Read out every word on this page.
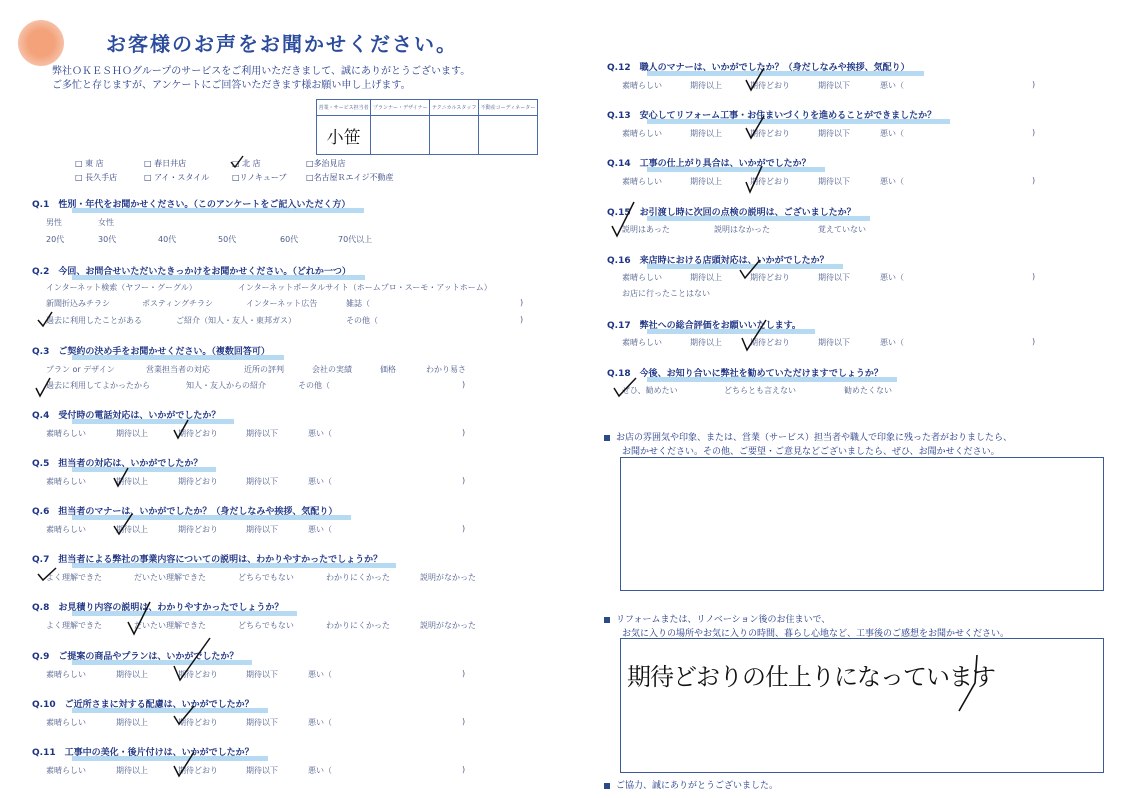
お客様のお声をお聞かせください。
弊社ＯＫＥＳＨＯグループのサービスをご利用いただきまして、誠にありがとうございます。
ご多忙と存じますが、アンケートにご回答いただきます様お願い申し上げます。
営業・サービス担当者	プランナー・デザイナー	テクニカルスタッフ	不動産コーディネーター
小笹			
□ 東 店	□ 春日井店	□ 北 店	□多治見店
□ 長久手店	□ アイ・スタイル	□リノキューブ □名古屋Ｒエイジ不動産
Q.1　 性別・年代をお聞かせください。（このアンケートをご記入いただく方）
男性	女性
20代	30代	40代	50代	60代	70代以上
Q.2　 今回、お問合せいただいたきっかけをお聞かせください。（どれか一つ）
インターネット検索（ヤフー・グーグル）	インターネットポータルサイト（ホームプロ・スーモ・アットホーム）
新聞折込みチラシ	ポスティングチラシ	インターネット広告	雑誌（	)
過去に利用したことがある	ご紹介（知人・友人・東邦ガス）	その他（	)
Q.3　 ご契約の決め手をお聞かせください。（複数回答可）
プラン or デザイン	営業担当者の対応	近所の評判	会社の実績	価格	わかり易さ
過去に利用してよかったから	知人・友人からの紹介	その他（	)
Q.4　 受付時の電話対応は、いかがでしたか？
素晴らしい	期待以上	期待どおり	期待以下	悪い（	)
Q.5　 担当者の対応は、いかがでしたか？
素晴らしい	期待以上	期待どおり	期待以下	悪い（	)
Q.6　 担当者のマナーは、いかがでしたか？（身だしなみや挨拶、気配り）
素晴らしい	期待以上	期待どおり	期待以下	悪い（	)
Q.7　 担当者による弊社の事業内容についての説明は、わかりやすかったでしょうか？
よく理解できた	だいたい理解できた	どちらでもない	わかりにくかった	説明がなかった
Q.8　 お見積り内容の説明は、わかりやすかったでしょうか？
よく理解できた	だいたい理解できた	どちらでもない	わかりにくかった	説明がなかった
Q.9　 ご提案の商品やプランは、いかがでしたか？
素晴らしい	期待以上	期待どおり	期待以下	悪い（	)
Q.10　 ご近所さまに対する配慮は、いかがでしたか？
素晴らしい	期待以上	期待どおり	期待以下	悪い（	)
Q.11　 工事中の美化・後片付けは、いかがでしたか？
素晴らしい	期待以上	期待どおり	期待以下	悪い（	)
Q.12　 職人のマナーは、いかがでしたか？（身だしなみや挨拶、気配り）
素晴らしい	期待以上	期待どおり	期待以下	悪い（	)
Q.13　 安心してリフォーム工事・お住まいづくりを進めることができましたか？
素晴らしい	期待以上	期待どおり	期待以下	悪い（	)
Q.14　 工事の仕上がり具合は、いかがでしたか？
素晴らしい	期待以上	期待どおり	期待以下	悪い（	)
Q.15　 お引渡し時に次回の点検の説明は、ございましたか？
説明はあった	説明はなかった	覚えていない
Q.16　 来店時における店頭対応は、いかがでしたか？
素晴らしい	期待以上	期待どおり	期待以下	悪い（	)
お店に行ったことはない
Q.17　 弊社への総合評価をお願いいたします。
素晴らしい	期待以上	期待どおり	期待以下	悪い（	)
Q.18　 今後、お知り合いに弊社を勧めていただけますでしょうか？
ぜひ、勧めたい	どちらとも言えない	勧めたくない
お店の雰囲気や印象、または、営業（サービス）担当者や職人で印象に残った者がおりましたら、
お聞かせください。その他、ご要望・ご意見などございましたら、ぜひ、お聞かせください。
リフォームまたは、リノベーション後のお住まいで、
お気に入りの場所やお気に入りの時間、暮らし心地など、工事後のご感想をお聞かせください。
期待どおりの仕上りになっています
ご協力、誠にありがとうございました。
